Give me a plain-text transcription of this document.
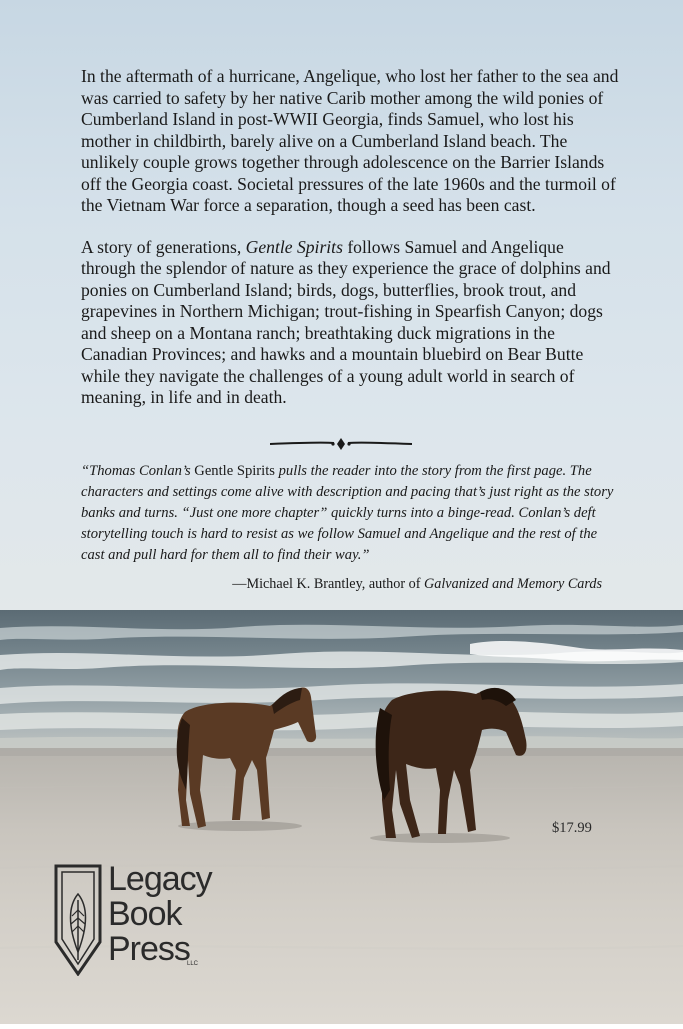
In the aftermath of a hurricane, Angelique, who lost her father to the sea and was carried to safety by her native Carib mother among the wild ponies of Cumberland Island in post-WWII Georgia, finds Samuel, who lost his mother in childbirth, barely alive on a Cumberland Island beach. The unlikely couple grows together through adolescence on the Barrier Islands off the Georgia coast. Societal pressures of the late 1960s and the turmoil of the Vietnam War force a separation, though a seed has been cast.

A story of generations, Gentle Spirits follows Samuel and Angelique through the splendor of nature as they experience the grace of dolphins and ponies on Cumberland Island; birds, dogs, butterflies, brook trout, and grapevines in Northern Michigan; trout-fishing in Spearfish Canyon; dogs and sheep on a Montana ranch; breathtaking duck migrations in the Canadian Provinces; and hawks and a mountain bluebird on Bear Butte while they navigate the challenges of a young adult world in search of meaning, in life and in death.

“Thomas Conlan’s Gentle Spirits pulls the reader into the story from the first page. The characters and settings come alive with description and pacing that’s just right as the story banks and turns. “Just one more chapter” quickly turns into a binge-read. Conlan’s deft storytelling touch is hard to resist as we follow Samuel and Angelique and the rest of the cast and pull hard for them all to find their way.”

—Michael K. Brantley, author of Galvanized and Memory Cards
$17.99
Legacy
Book
Press
LLC
